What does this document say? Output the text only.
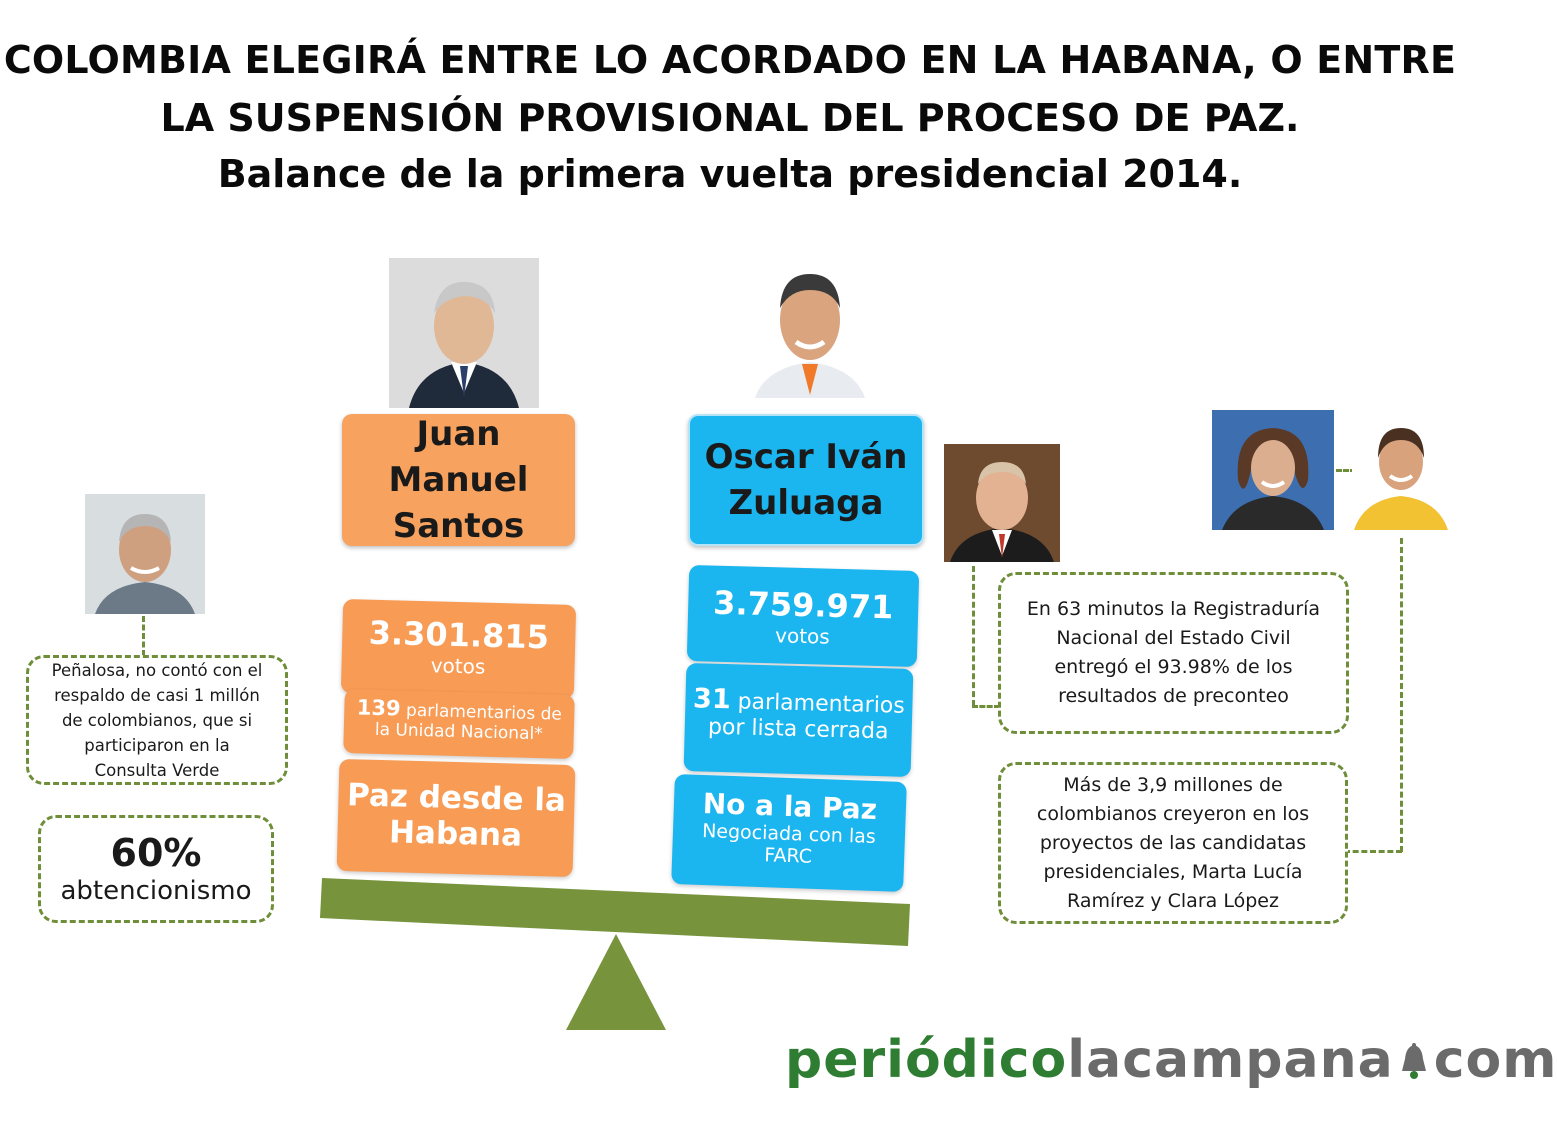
COLOMBIA ELEGIRÁ ENTRE LO ACORDADO EN LA HABANA, O ENTRE
LA SUSPENSIÓN PROVISIONAL DEL PROCESO DE PAZ.
Balance de la primera vuelta presidencial 2014.
Juan
Manuel
Santos
Oscar Iván
Zuluaga
3.301.815
votos
139 parlamentarios de
la Unidad Nacional*
Paz desde la
Habana
3.759.971
votos
31 parlamentarios
por lista cerrada
No a la Paz
Negociada con las
FARC

Peñalosa, no contó con el

respaldo de casi 1 millón

de colombianos, que si

participaron en la

Consulta Verde

60%

abtencionismo

En 63 minutos la Registraduría

Nacional del Estado Civil

entregó el 93.98% de los

resultados de preconteo

Más de 3,9 millones de

colombianos creyeron en los

proyectos de las candidatas

presidenciales, Marta Lucía

Ramírez y Clara López

periódicolacampana com
